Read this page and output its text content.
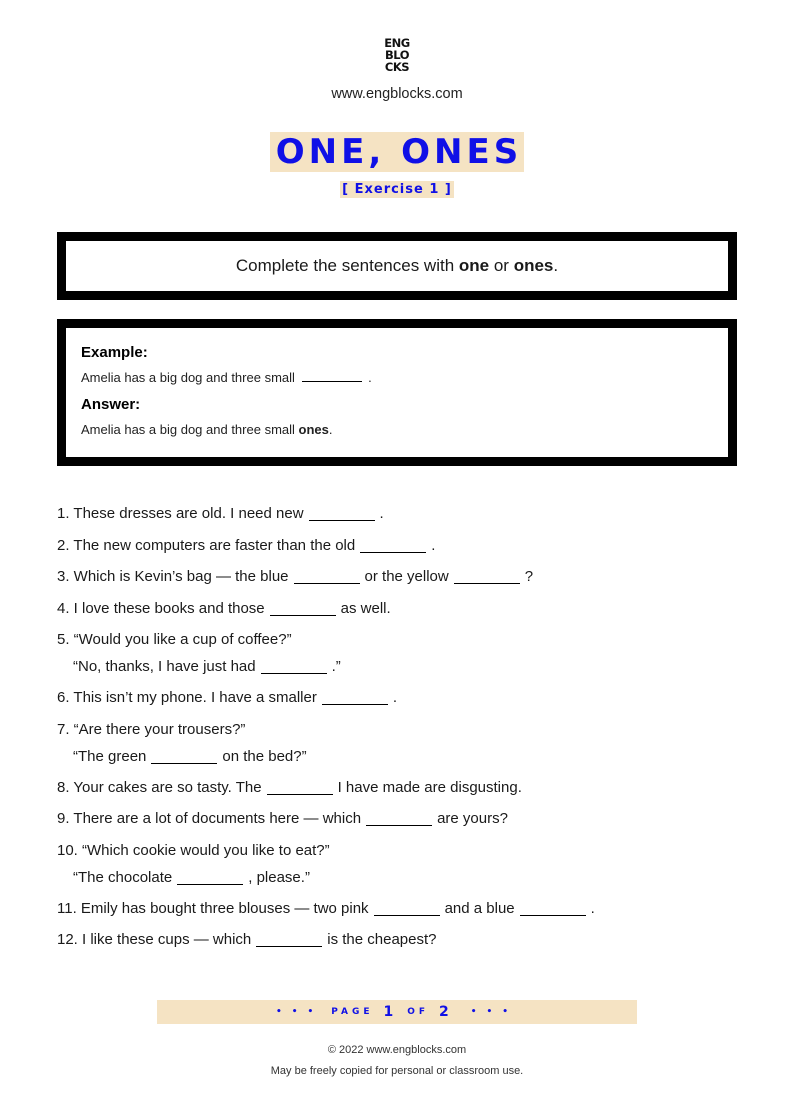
ENG
BLO
CKS
www.engblocks.com
ONE, ONES
[ Exercise 1 ]
Complete the sentences with one or ones.
Example:
Amelia has a big dog and three small	.
Answer:
Amelia has a big dog and three small ones.
1. These dresses are old. I need new	.
2. The new computers are faster than the old	.
3. Which is Kevin’s bag — the blue	or the yellow	?
4. I love these books and those	as well.
5. “Would you like a cup of coffee?”
“No, thanks, I have just had	.”
6. This isn’t my phone. I have a smaller	.
7. “Are there your trousers?”
“The green	on the bed?”
8. Your cakes are so tasty. The	I have made are disgusting.
9. There are a lot of documents here — which	are yours?
10. “Which cookie would you like to eat?”
“The chocolate	, please.”
11. Emily has bought three blouses — two pink	and a blue	.
12. I like these cups — which	is the cheapest?
••• PAGE 1 OF 2 •••
© 2022 www.engblocks.com
May be freely copied for personal or classroom use.
